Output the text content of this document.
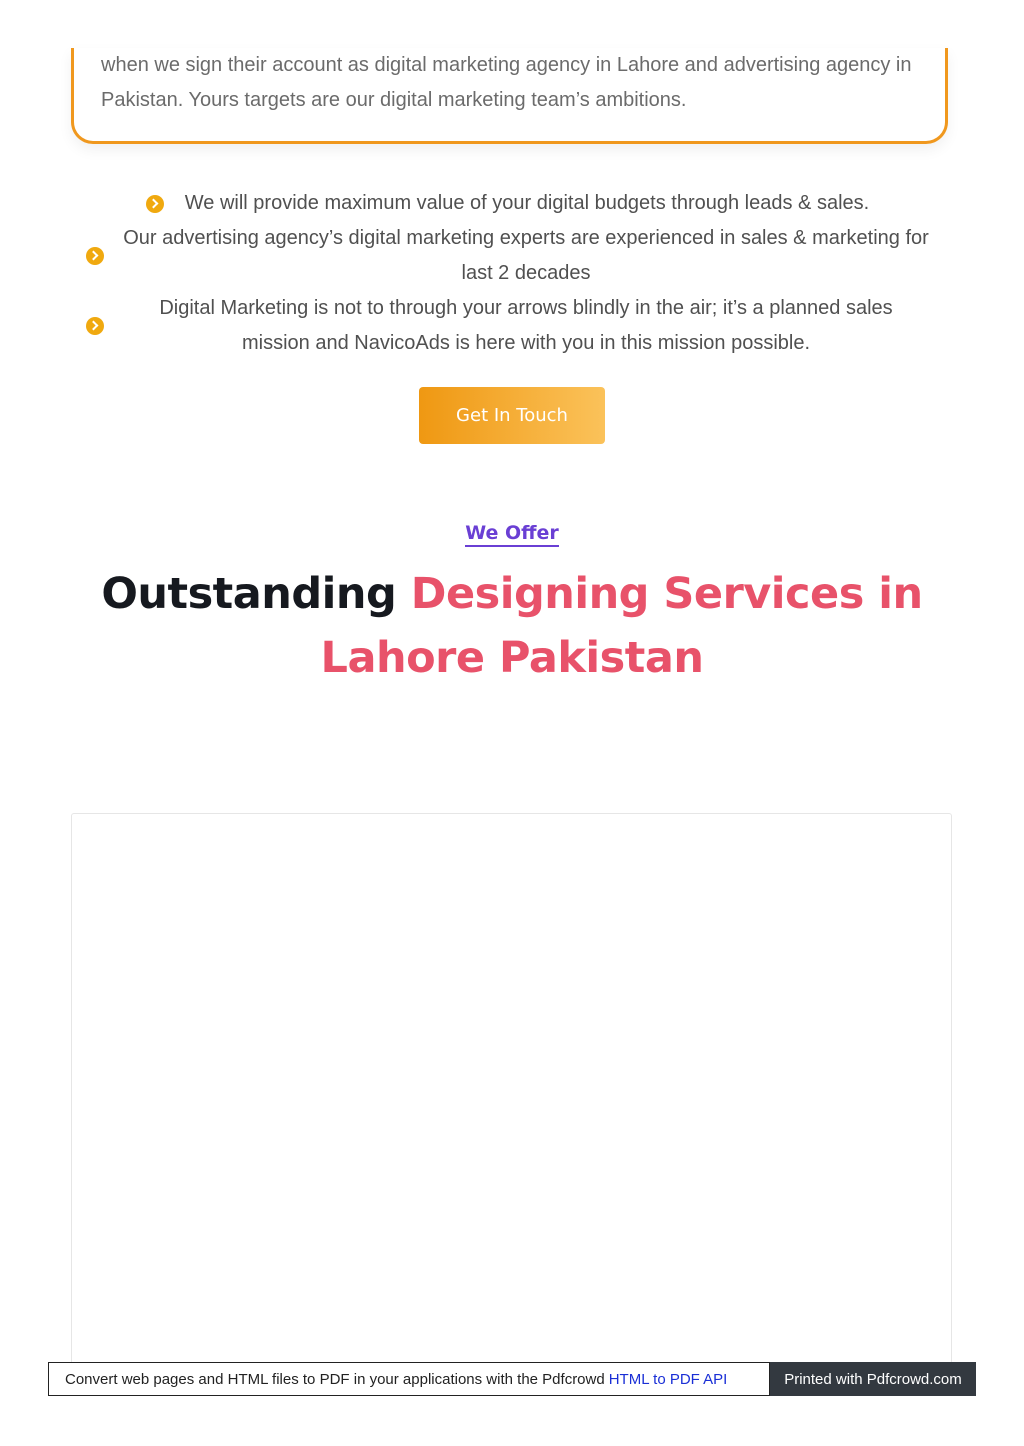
when we sign their account as digital marketing agency in Lahore and advertising agency in Pakistan. Yours targets are our digital marketing team’s ambitions.

We will provide maximum value of your digital budgets through leads & sales.
Our advertising agency’s digital marketing experts are experienced in sales & marketing for last 2 decades
Digital Marketing is not to through your arrows blindly in the air; it’s a planned sales mission and NavicoAds is here with you in this mission possible.
Get In Touch
We Offer
Outstanding Designing Services in Lahore Pakistan
Convert web pages and HTML files to PDF in your applications with the Pdfcrowd HTML to PDF API	Printed with Pdfcrowd.com
